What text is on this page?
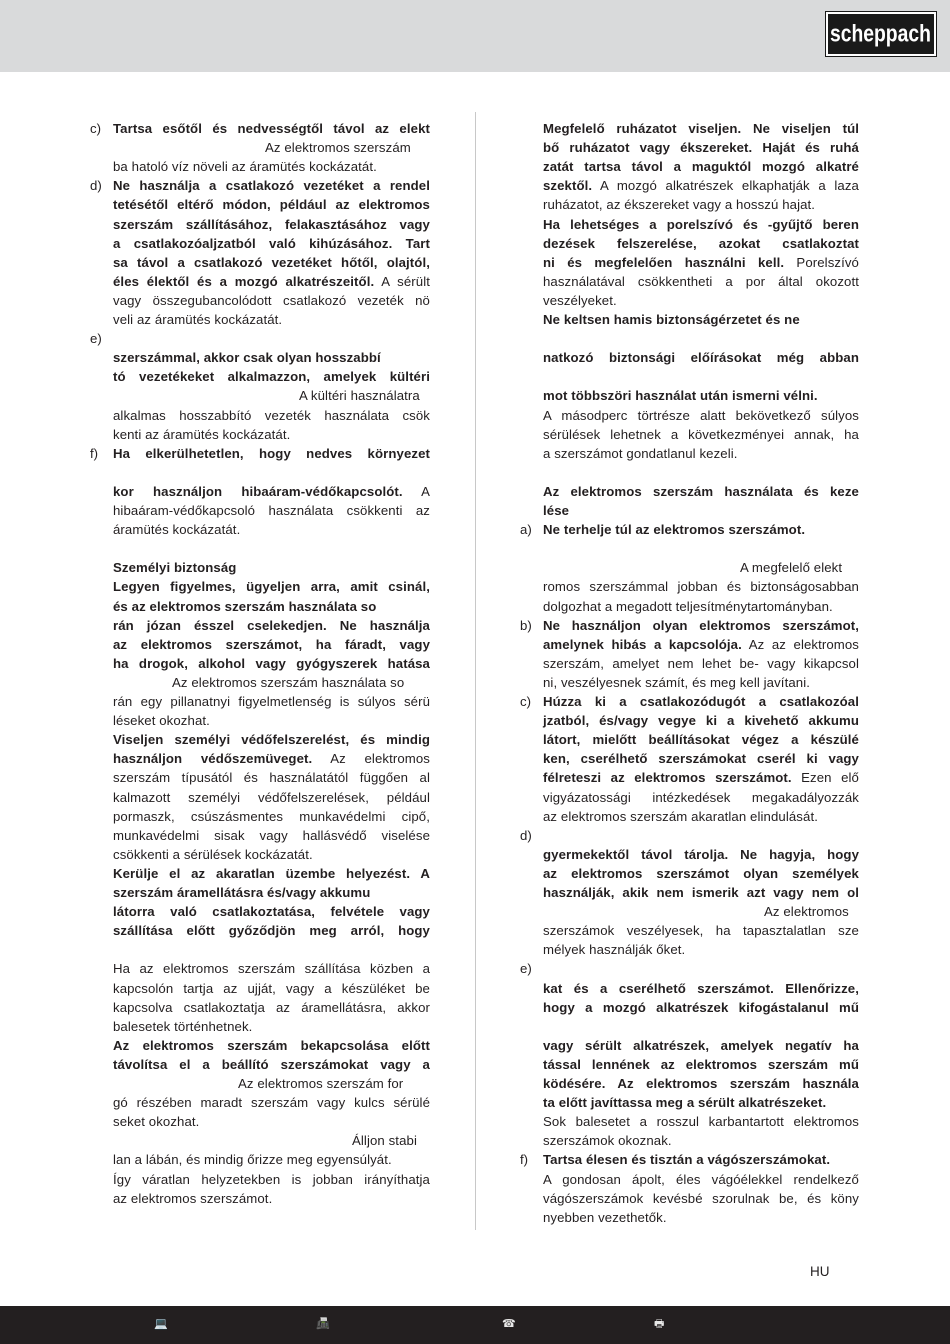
scheppach
c) Tartsa esőtől és nedvességtől távol az elekt
Az elektromos szerszám
ba hatoló víz növeli az áramütés kockázatát.
d) Ne használja a csatlakozó vezetéket a rendel
tetésétől eltérő módon, például az elektromos
szerszám szállításához, felakasztásához vagy
a csatlakozóaljzatból való kihúzásához. Tart
sa távol a csatlakozó vezetéket hőtől, olajtól,
éles élektől és a mozgó alkatrészeitől. A sérült
vagy összegubancolódott csatlakozó vezeték nö
veli az áramütés kockázatát.
e)
szerszámmal, akkor csak olyan hosszabbí
tó vezetékeket alkalmazzon, amelyek kültéri
A kültéri használatra
alkalmas hosszabbító vezeték használata csök
kenti az áramütés kockázatát.
f) Ha elkerülhetetlen, hogy nedves környezet
kor használjon hibaáram-védőkapcsolót. A
hibaáram-védőkapcsoló használata csökkenti az
áramütés kockázatát.
Személyi biztonság
Legyen figyelmes, ügyeljen arra, amit csinál,
és az elektromos szerszám használata so
rán józan ésszel cselekedjen. Ne használja
az elektromos szerszámot, ha fáradt, vagy
ha drogok, alkohol vagy gyógyszerek hatása
Az elektromos szerszám használata so
rán egy pillanatnyi figyelmetlenség is súlyos sérü
léseket okozhat.
Viseljen személyi védőfelszerelést, és mindig
használjon védőszemüveget. Az elektromos
szerszám típusától és használatától függően al
kalmazott személyi védőfelszerelések, például
pormaszk, csúszásmentes munkavédelmi cipő,
munkavédelmi sisak vagy hallásvédő viselése
csökkenti a sérülések kockázatát.
Kerülje el az akaratlan üzembe helyezést. A
szerszám áramellátásra és/vagy akkumu
látorra való csatlakoztatása, felvétele vagy
szállítása előtt győződjön meg arról, hogy
Ha az elektromos szerszám szállítása közben a
kapcsolón tartja az ujját, vagy a készüléket be
kapcsolva csatlakoztatja az áramellátásra, akkor
balesetek történhetnek.
Az elektromos szerszám bekapcsolása előtt
távolítsa el a beállító szerszámokat vagy a
Az elektromos szerszám for
gó részében maradt szerszám vagy kulcs sérülé
seket okozhat.
Álljon stabi
lan a lábán, és mindig őrizze meg egyensúlyát.
Így váratlan helyzetekben is jobban irányíthatja
az elektromos szerszámot.
Megfelelő ruházatot viseljen. Ne viseljen túl
bő ruházatot vagy ékszereket. Haját és ruhá
zatát tartsa távol a maguktól mozgó alkatré
szektől. A mozgó alkatrészek elkaphatják a laza
ruházatot, az ékszereket vagy a hosszú hajat.
Ha lehetséges a porelszívó és -gyűjtő beren
dezések felszerelése, azokat csatlakoztat
ni és megfelelően használni kell. Porelszívó
használatával csökkentheti a por által okozott
veszélyeket.
Ne keltsen hamis biztonságérzetet és ne
natkozó biztonsági előírásokat még abban
mot többszöri használat után ismerni vélni.
A másodperc törtrésze alatt bekövetkező súlyos
sérülések lehetnek a következményei annak, ha
a szerszámot gondatlanul kezeli.
Az elektromos szerszám használata és keze
lése
a) Ne terhelje túl az elektromos szerszámot.
A megfelelő elekt
romos szerszámmal jobban és biztonságosabban
dolgozhat a megadott teljesítménytartományban.
b) Ne használjon olyan elektromos szerszámot,
amelynek hibás a kapcsolója. Az az elektromos
szerszám, amelyet nem lehet be- vagy kikapcsol
ni, veszélyesnek számít, és meg kell javítani.
c) Húzza ki a csatlakozódugót a csatlakozóal
jzatból, és/vagy vegye ki a kivehető akkumu
látort, mielőtt beállításokat végez a készülé
ken, cserélhető szerszámokat cserél ki vagy
félreteszi az elektromos szerszámot. Ezen elő
vigyázatossági intézkedések megakadályozzák
az elektromos szerszám akaratlan elindulását.
d)
gyermekektől távol tárolja. Ne hagyja, hogy
az elektromos szerszámot olyan személyek
használják, akik nem ismerik azt vagy nem ol
Az elektromos
szerszámok veszélyesek, ha tapasztalatlan sze
mélyek használják őket.
e)
kat és a cserélhető szerszámot. Ellenőrizze,
hogy a mozgó alkatrészek kifogástalanul mű
vagy sérült alkatrészek, amelyek negatív ha
tással lennének az elektromos szerszám mű
ködésére. Az elektromos szerszám használa
ta előtt javíttassa meg a sérült alkatrészeket.
Sok balesetet a rosszul karbantartott elektromos
szerszámok okoznak.
f) Tartsa élesen és tisztán a vágószerszámokat.
A gondosan ápolt, éles vágóélekkel rendelkező
vágószerszámok kevésbé szorulnak be, és köny
nyebben vezethetők.
HU
💻	📠	☎	🖶
